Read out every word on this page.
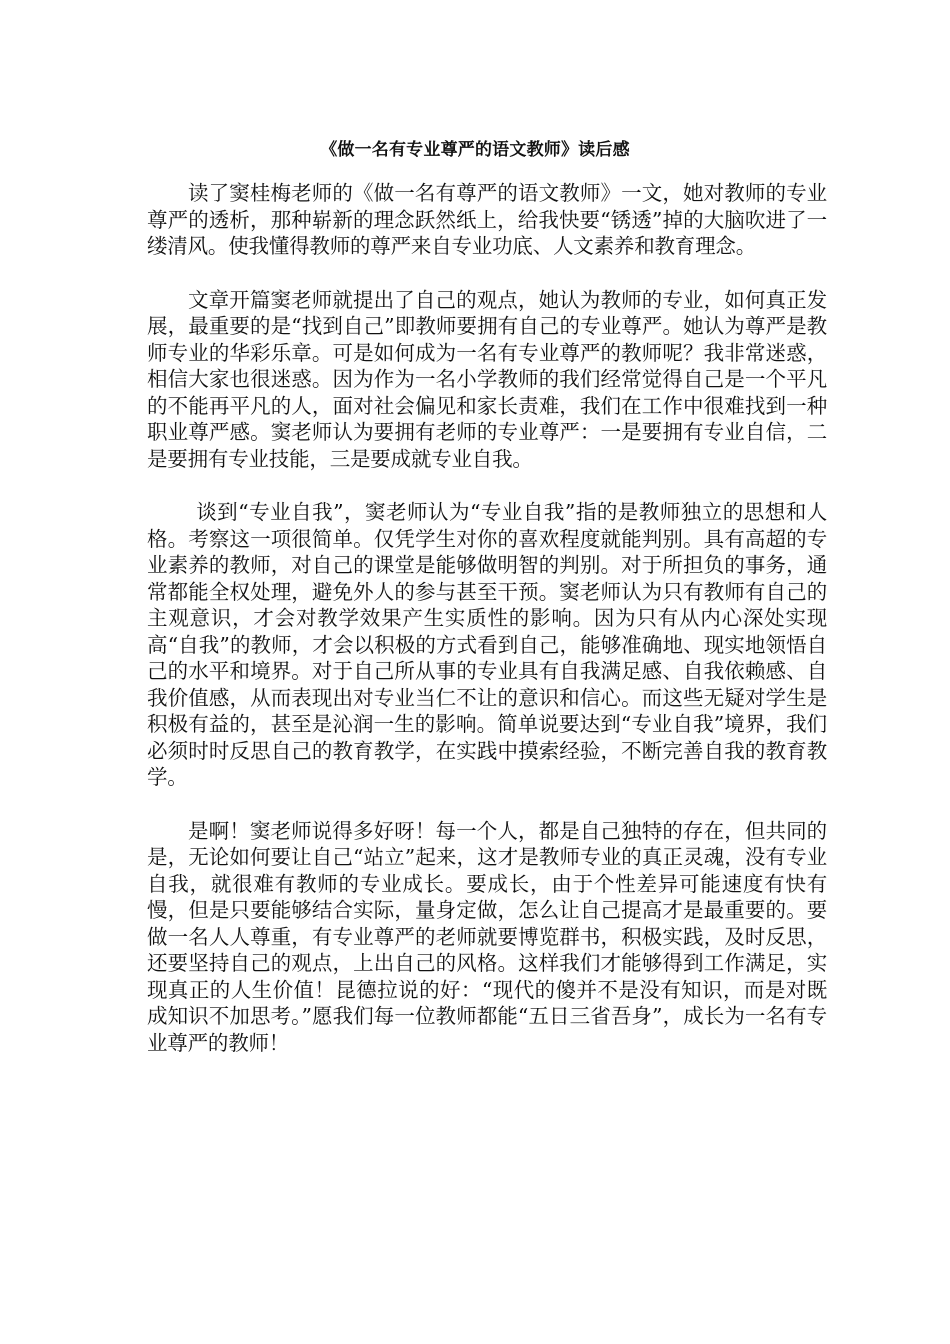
《做一名有专业尊严的语文教师》读后感

读了窦桂梅老师的《做一名有尊严的语文教师》一文，她对教师的专业尊严的透析，那种崭新的理念跃然纸上，给我快要“锈透”掉的大脑吹进了一缕清风。使我懂得教师的尊严来自专业功底、人文素养和教育理念。

文章开篇窦老师就提出了自己的观点，她认为教师的专业，如何真正发展，最重要的是“找到自己”即教师要拥有自己的专业尊严。她认为尊严是教师专业的华彩乐章。可是如何成为一名有专业尊严的教师呢？我非常迷惑，相信大家也很迷惑。因为作为一名小学教师的我们经常觉得自己是一个平凡的不能再平凡的人，面对社会偏见和家长责难，我们在工作中很难找到一种职业尊严感。窦老师认为要拥有老师的专业尊严：一是要拥有专业自信，二是要拥有专业技能，三是要成就专业自我。

谈到“专业自我”，窦老师认为“专业自我”指的是教师独立的思想和人格。考察这一项很简单。仅凭学生对你的喜欢程度就能判别。具有高超的专业素养的教师，对自己的课堂是能够做明智的判别。对于所担负的事务，通常都能全权处理，避免外人的参与甚至干预。窦老师认为只有教师有自己的主观意识，才会对教学效果产生实质性的影响。因为只有从内心深处实现高“自我”的教师，才会以积极的方式看到自己，能够准确地、现实地领悟自己的水平和境界。对于自己所从事的专业具有自我满足感、自我依赖感、自我价值感，从而表现出对专业当仁不让的意识和信心。而这些无疑对学生是积极有益的，甚至是沁润一生的影响。简单说要达到“专业自我”境界，我们必须时时反思自己的教育教学，在实践中摸索经验，不断完善自我的教育教学。

是啊！窦老师说得多好呀！每一个人，都是自己独特的存在，但共同的是，无论如何要让自己“站立”起来，这才是教师专业的真正灵魂，没有专业自我，就很难有教师的专业成长。要成长，由于个性差异可能速度有快有慢，但是只要能够结合实际，量身定做，怎么让自己提高才是最重要的。要做一名人人尊重，有专业尊严的老师就要博览群书，积极实践，及时反思，还要坚持自己的观点，上出自己的风格。这样我们才能够得到工作满足，实现真正的人生价值！昆德拉说的好：“现代的傻并不是没有知识，而是对既成知识不加思考。”愿我们每一位教师都能“五日三省吾身”，成长为一名有专业尊严的教师！
